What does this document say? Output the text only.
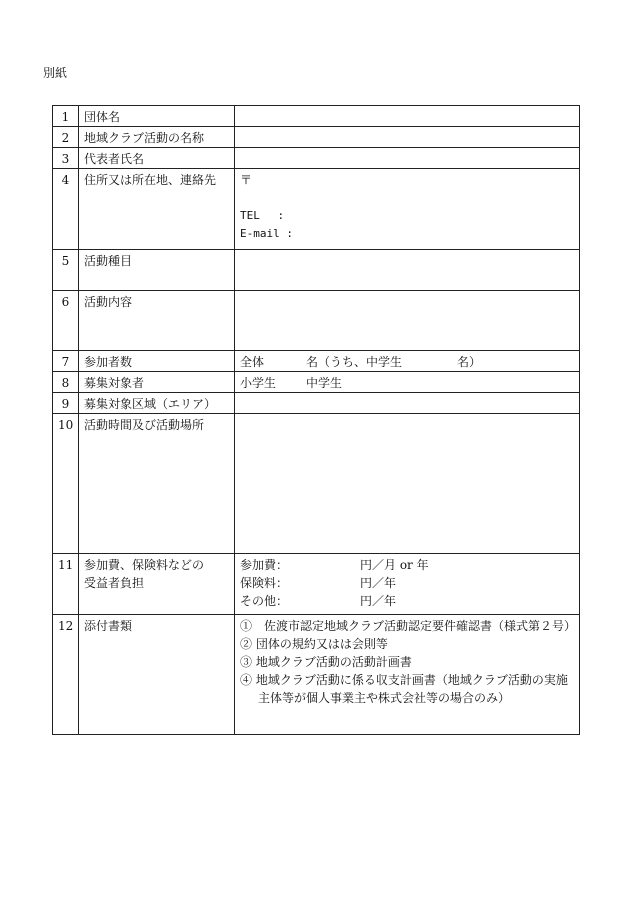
別紙
1	団体名	
2	地域クラブ活動の名称	
3	代表者氏名	
4	住所又は所在地、連絡先	〒

TEL　 :
E-mail :

5	活動種目	
6	活動内容	
7	参加者数	全体 名（うち、中学生 名）
8	募集対象者	小学生 中学生
9	募集対象区域（エリア）	
10	活動時間及び活動場所	
11	参加費、保険料などの
受益者負担	参加費： 円／月 or 年
保険料： 円／年
その他： 円／年

12	添付書類	①　佐渡市認定地域クラブ活動認定要件確認書（様式第２号）
② 団体の規約又はは会則等
③ 地域クラブ活動の活動計画書
④ 地域クラブ活動に係る収支計画書（地域クラブ活動の実施主体等が個人事業主や株式会社等の場合のみ）
